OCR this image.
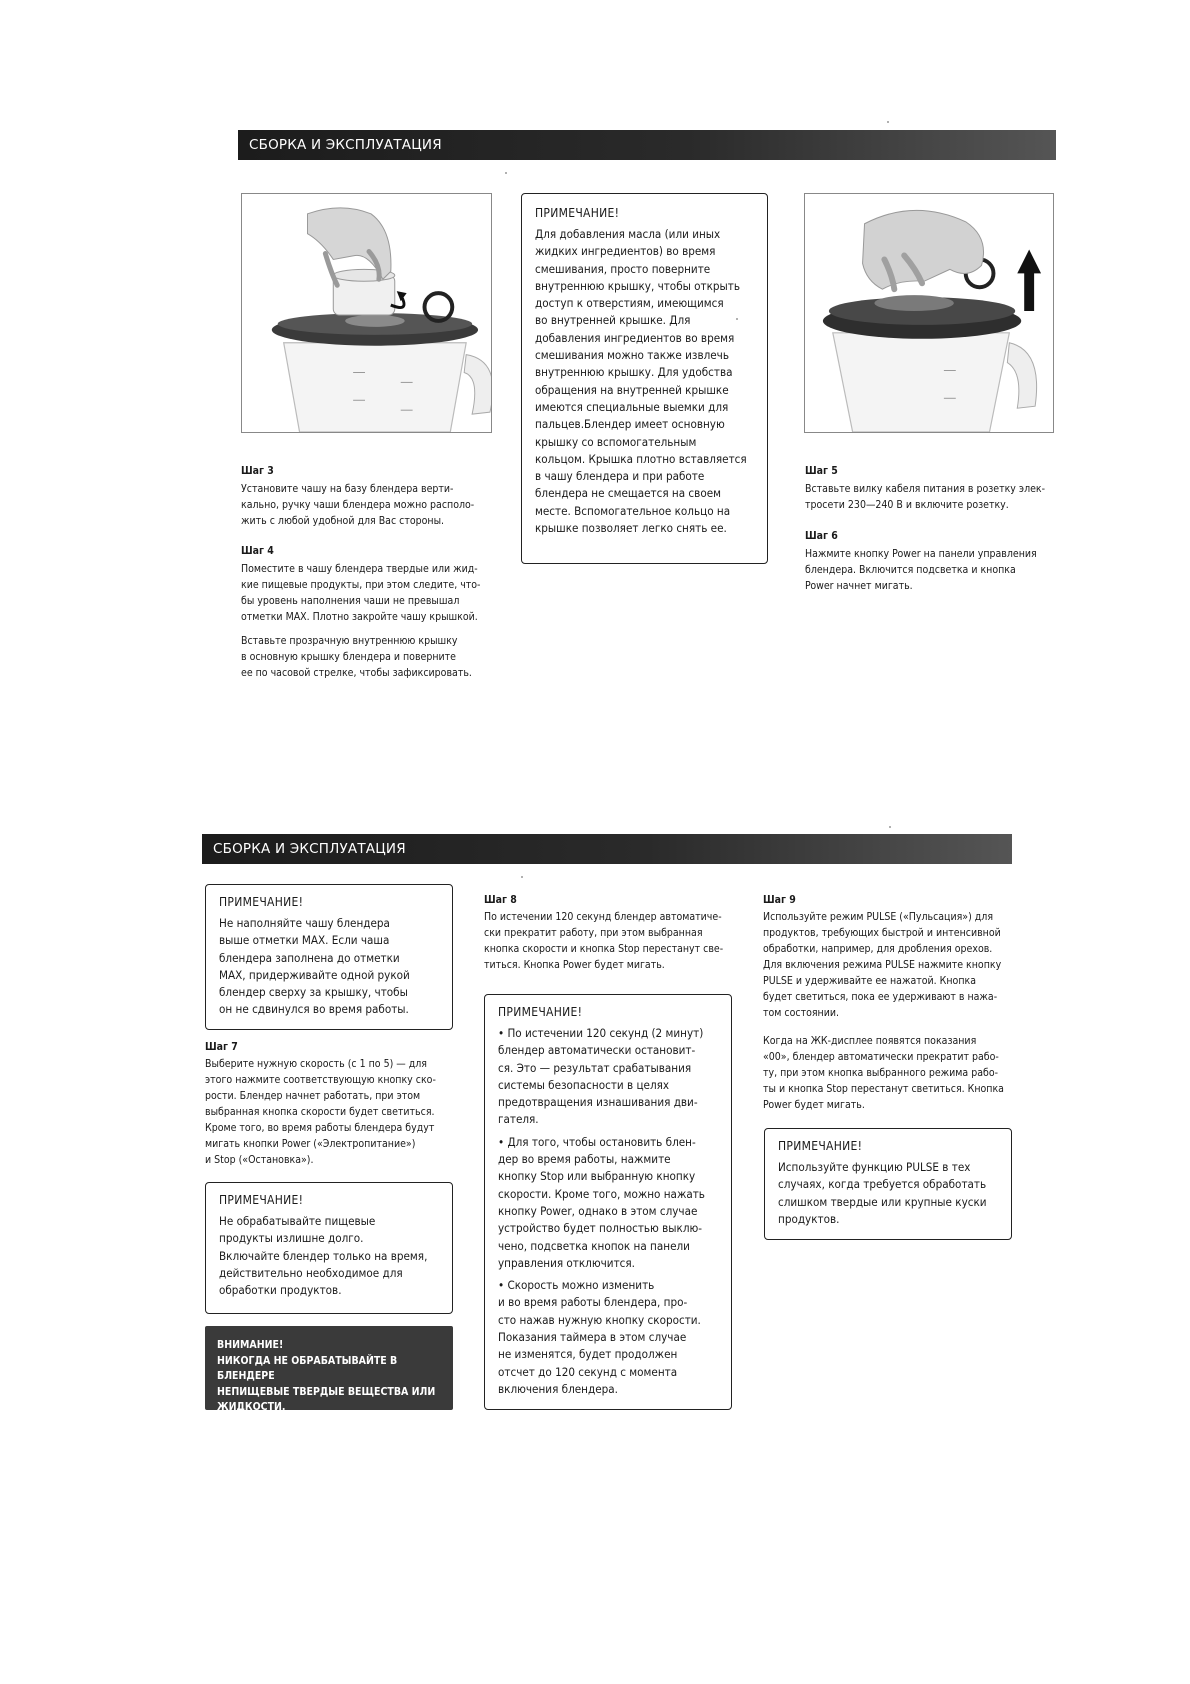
СБОРКА И ЭКСПЛУАТАЦИЯ
Шаг 3

Установите чашу на базу блендера верти-

кально, ручку чаши блендера можно располо-

жить с любой удобной для Вас стороны.

Шаг 4

Поместите в чашу блендера твердые или жид-

кие пищевые продукты, при этом следите, что-

бы уровень наполнения чаши не превышал

отметки MAX. Плотно закройте чашу крышкой.

Вставьте прозрачную внутреннюю крышку

в основную крышку блендера и поверните

ее по часовой стрелке, чтобы зафиксировать.

ПРИМЕЧАНИЕ!
Для добавления масла (или иных
жидких ингредиентов) во время
смешивания, просто поверните
внутреннюю крышку, чтобы открыть
доступ к отверстиям, имеющимся
во внутренней крышке. Для
добавления ингредиентов во время
смешивания можно также извлечь
внутреннюю крышку. Для удобства
обращения на внутренней крышке
имеются специальные выемки для
пальцев.Блендер имеет основную
крышку со вспомогательным
кольцом. Крышка плотно вставляется
в чашу блендера и при работе
блендера не смещается на своем
месте. Вспомогательное кольцо на
крышке позволяет легко снять ее.
Шаг 5

Вставьте вилку кабеля питания в розетку элек-

тросети 230—240 В и включите розетку.

Шаг 6

Нажмите кнопку Power на панели управления

блендера. Включится подсветка и кнопка

Power начнет мигать.

СБОРКА И ЭКСПЛУАТАЦИЯ
ПРИМЕЧАНИЕ!
Не наполняйте чашу блендера
выше отметки MAX. Если чаша
блендера заполнена до отметки
MAX, придерживайте одной рукой
блендер сверху за крышку, чтобы
он не сдвинулся во время работы.
Шаг 7

Выберите нужную скорость (с 1 по 5) — для

этого нажмите соответствующую кнопку ско-

рости. Блендер начнет работать, при этом

выбранная кнопка скорости будет светиться.

Кроме того, во время работы блендера будут

мигать кнопки Power («Электропитание»)

и Stop («Остановка»).

ПРИМЕЧАНИЕ!
Не обрабатывайте пищевые
продукты излишне долго.
Включайте блендер только на время,
действительно необходимое для
обработки продуктов.
ВНИМАНИЕ!
НИКОГДА НЕ ОБРАБАТЫВАЙТЕ В БЛЕНДЕРЕ
НЕПИЩЕВЫЕ ТВЕРДЫЕ ВЕЩЕСТВА ИЛИ
ЖИДКОСТИ.
Шаг 8

По истечении 120 секунд блендер автоматиче-

ски прекратит работу, при этом выбранная

кнопка скорости и кнопка Stop перестанут све-

титься. Кнопка Power будет мигать.

ПРИМЕЧАНИЕ!

• По истечении 120 секунд (2 минут)
блендер автоматически остановит-
ся. Это — результат срабатывания
системы безопасности в целях
предотвращения изнашивания дви-
гателя.

• Для того, чтобы остановить блен-
дер во время работы, нажмите
кнопку Stop или выбранную кнопку
скорости. Кроме того, можно нажать
кнопку Power, однако в этом случае
устройство будет полностью выклю-
чено, подсветка кнопок на панели
управления отключится.

• Скорость можно изменить
и во время работы блендера, про-
сто нажав нужную кнопку скорости.
Показания таймера в этом случае
не изменятся, будет продолжен
отсчет до 120 секунд с момента
включения блендера.

Шаг 9

Используйте режим PULSE («Пульсация») для

продуктов, требующих быстрой и интенсивной

обработки, например, для дробления орехов.

Для включения режима PULSE нажмите кнопку

PULSE и удерживайте ее нажатой. Кнопка

будет светиться, пока ее удерживают в нажа-

том состоянии.

Когда на ЖК-дисплее появятся показания

«00», блендер автоматически прекратит рабо-

ту, при этом кнопка выбранного режима рабо-

ты и кнопка Stop перестанут светиться. Кнопка

Power будет мигать.

ПРИМЕЧАНИЕ!
Используйте функцию PULSE в тех
случаях, когда требуется обработать
слишком твердые или крупные куски
продуктов.
